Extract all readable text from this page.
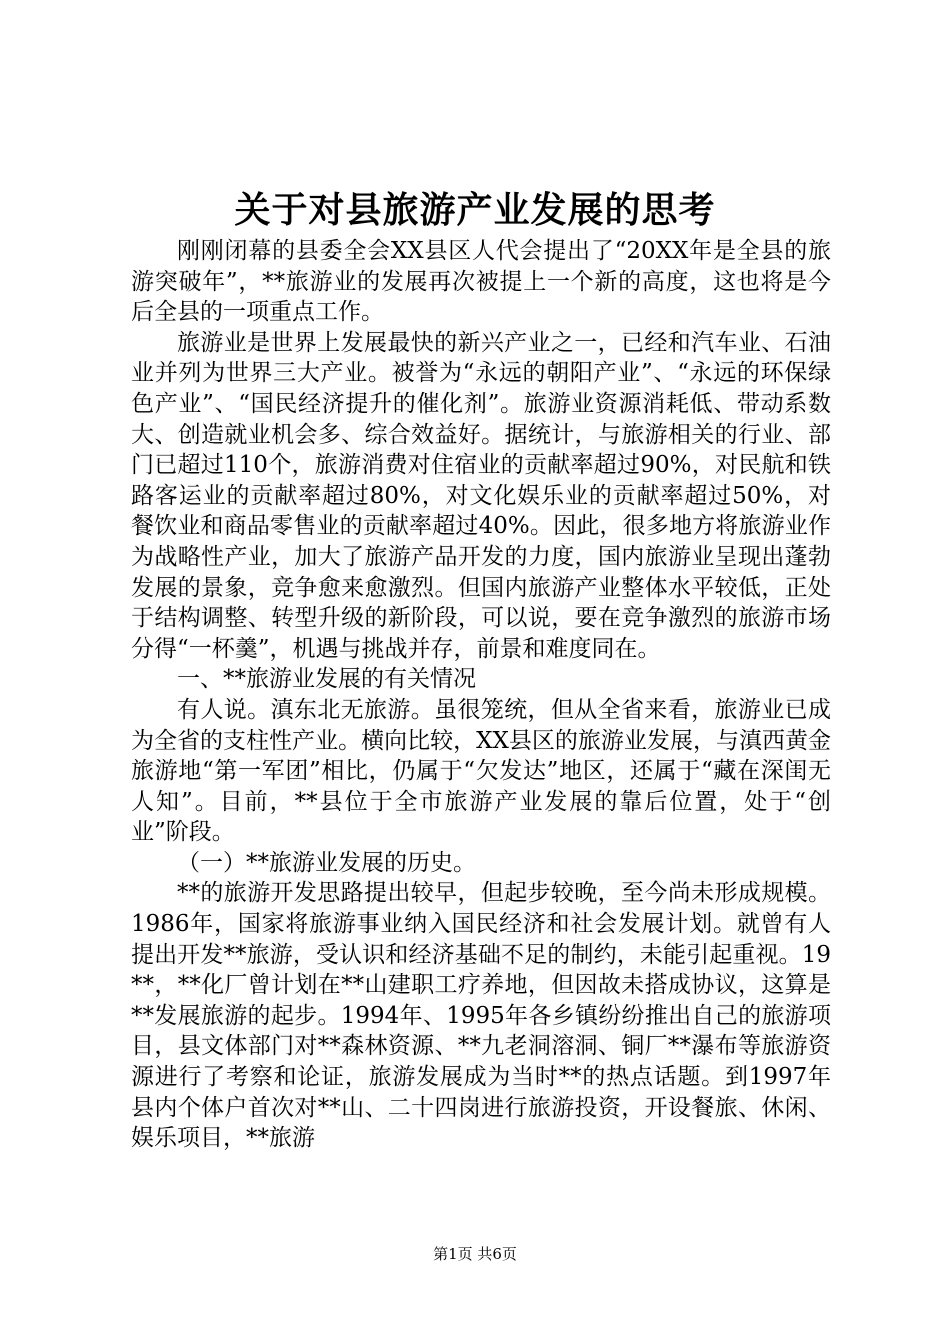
关于对县旅游产业发展的思考

刚刚闭幕的县委全会XX县区人代会提出了“20XX年是全县的旅游突破年”，**旅游业的发展再次被提上一个新的高度，这也将是今后全县的一项重点工作。

旅游业是世界上发展最快的新兴产业之一，已经和汽车业、石油业并列为世界三大产业。被誉为“永远的朝阳产业”、“永远的环保绿色产业”、“国民经济提升的催化剂”。旅游业资源消耗低、带动系数大、创造就业机会多、综合效益好。据统计，与旅游相关的行业、部门已超过110个，旅游消费对住宿业的贡献率超过90%，对民航和铁路客运业的贡献率超过80%，对文化娱乐业的贡献率超过50%，对餐饮业和商品零售业的贡献率超过40%。因此，很多地方将旅游业作为战略性产业，加大了旅游产品开发的力度，国内旅游业呈现出蓬勃发展的景象，竞争愈来愈激烈。但国内旅游产业整体水平较低，正处于结构调整、转型升级的新阶段，可以说，要在竞争激烈的旅游市场分得“一杯羹”，机遇与挑战并存，前景和难度同在。

一、**旅游业发展的有关情况

有人说。滇东北无旅游。虽很笼统，但从全省来看，旅游业已成为全省的支柱性产业。横向比较，XX县区的旅游业发展，与滇西黄金旅游地“第一军团”相比，仍属于“欠发达”地区，还属于“藏在深闺无人知”。目前，**县位于全市旅游产业发展的靠后位置，处于“创业”阶段。

（一）**旅游业发展的历史。

**的旅游开发思路提出较早，但起步较晚，至今尚未形成规模。1986年，国家将旅游事业纳入国民经济和社会发展计划。就曾有人提出开发**旅游，受认识和经济基础不足的制约，未能引起重视。19**，**化厂曾计划在**山建职工疗养地，但因故未搭成协议，这算是**发展旅游的起步。1994年、1995年各乡镇纷纷推出自己的旅游项目，县文体部门对**森林资源、**九老洞溶洞、铜厂**瀑布等旅游资源进行了考察和论证，旅游发展成为当时**的热点话题。到1997年县内个体户首次对**山、二十四岗进行旅游投资，开设餐旅、休闲、娱乐项目，**旅游

第1页 共6页
